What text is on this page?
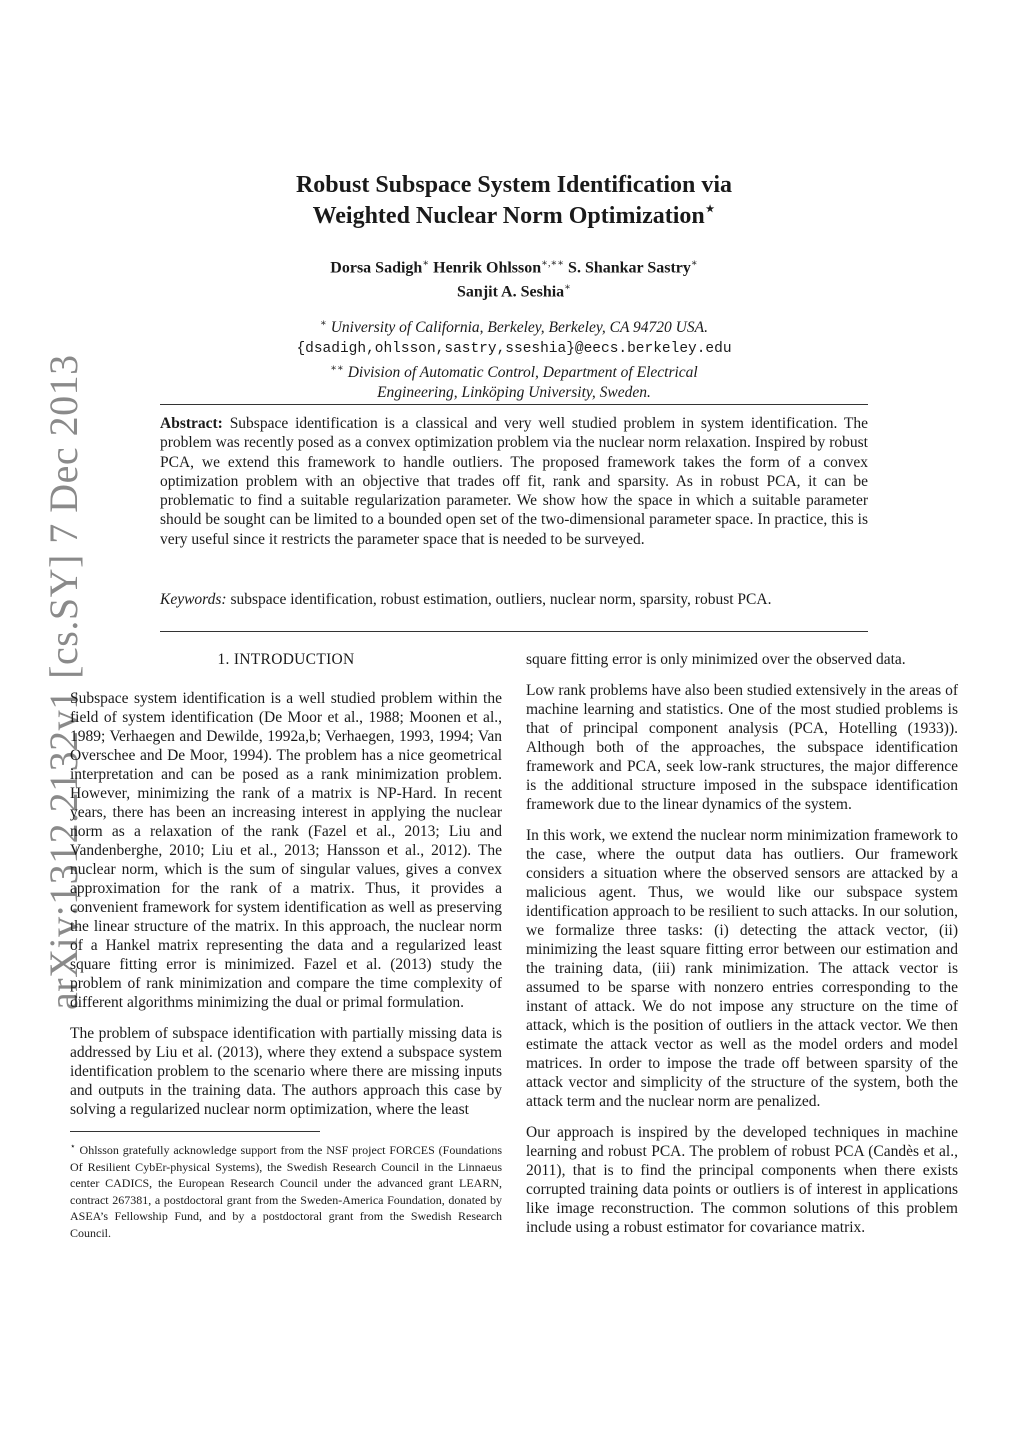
arXiv:1312.2132v1 [cs.SY] 7 Dec 2013
Robust Subspace System Identification via
Weighted Nuclear Norm Optimization⋆
Dorsa Sadigh∗ Henrik Ohlsson∗,∗∗ S. Shankar Sastry∗
Sanjit A. Seshia∗
∗ University of California, Berkeley, Berkeley, CA 94720 USA.
{dsadigh,ohlsson,sastry,sseshia}@eecs.berkeley.edu
∗∗ Division of Automatic Control, Department of Electrical
Engineering, Linköping University, Sweden.
Abstract: Subspace identification is a classical and very well studied problem in system identification. The problem was recently posed as a convex optimization problem via the nuclear norm relaxation. Inspired by robust PCA, we extend this framework to handle outliers. The proposed framework takes the form of a convex optimization problem with an objective that trades off fit, rank and sparsity. As in robust PCA, it can be problematic to find a suitable regularization parameter. We show how the space in which a suitable parameter should be sought can be limited to a bounded open set of the two-dimensional parameter space. In practice, this is very useful since it restricts the parameter space that is needed to be surveyed.
Keywords: subspace identification, robust estimation, outliers, nuclear norm, sparsity, robust PCA.
1. INTRODUCTION

Subspace system identification is a well studied problem within the field of system identification (De Moor et al., 1988; Moonen et al., 1989; Verhaegen and Dewilde, 1992a,b; Verhaegen, 1993, 1994; Van Overschee and De Moor, 1994). The problem has a nice geometrical interpretation and can be posed as a rank minimization problem. However, minimizing the rank of a matrix is NP-Hard. In recent years, there has been an increasing interest in applying the nuclear norm as a relaxation of the rank (Fazel et al., 2013; Liu and Vandenberghe, 2010; Liu et al., 2013; Hansson et al., 2012). The nuclear norm, which is the sum of singular values, gives a convex approximation for the rank of a matrix. Thus, it provides a convenient framework for system identification as well as preserving the linear structure of the matrix. In this approach, the nuclear norm of a Hankel matrix representing the data and a regularized least square fitting error is minimized. Fazel et al. (2013) study the problem of rank minimization and compare the time complexity of different algorithms minimizing the dual or primal formulation.

The problem of subspace identification with partially missing data is addressed by Liu et al. (2013), where they extend a subspace system identification problem to the scenario where there are missing inputs and outputs in the training data. The authors approach this case by solving a regularized nuclear norm optimization, where the least

⋆ Ohlsson gratefully acknowledge support from the NSF project FORCES (Foundations Of Resilient CybEr-physical Systems), the Swedish Research Council in the Linnaeus center CADICS, the European Research Council under the advanced grant LEARN, contract 267381, a postdoctoral grant from the Sweden-America Foundation, donated by ASEA’s Fellowship Fund, and by a postdoctoral grant from the Swedish Research Council.

square fitting error is only minimized over the observed data.

Low rank problems have also been studied extensively in the areas of machine learning and statistics. One of the most studied problems is that of principal component analysis (PCA, Hotelling (1933)). Although both of the approaches, the subspace identification framework and PCA, seek low-rank structures, the major difference is the additional structure imposed in the subspace identification framework due to the linear dynamics of the system.

In this work, we extend the nuclear norm minimization framework to the case, where the output data has outliers. Our framework considers a situation where the observed sensors are attacked by a malicious agent. Thus, we would like our subspace system identification approach to be resilient to such attacks. In our solution, we formalize three tasks: (i) detecting the attack vector, (ii) minimizing the least square fitting error between our estimation and the training data, (iii) rank minimization. The attack vector is assumed to be sparse with nonzero entries corresponding to the instant of attack. We do not impose any structure on the time of attack, which is the position of outliers in the attack vector. We then estimate the attack vector as well as the model orders and model matrices. In order to impose the trade off between sparsity of the attack vector and simplicity of the structure of the system, both the attack term and the nuclear norm are penalized.

Our approach is inspired by the developed techniques in machine learning and robust PCA. The problem of robust PCA (Candès et al., 2011), that is to find the principal components when there exists corrupted training data points or outliers is of interest in applications like image reconstruction. The common solutions of this problem include using a robust estimator for covariance matrix.
